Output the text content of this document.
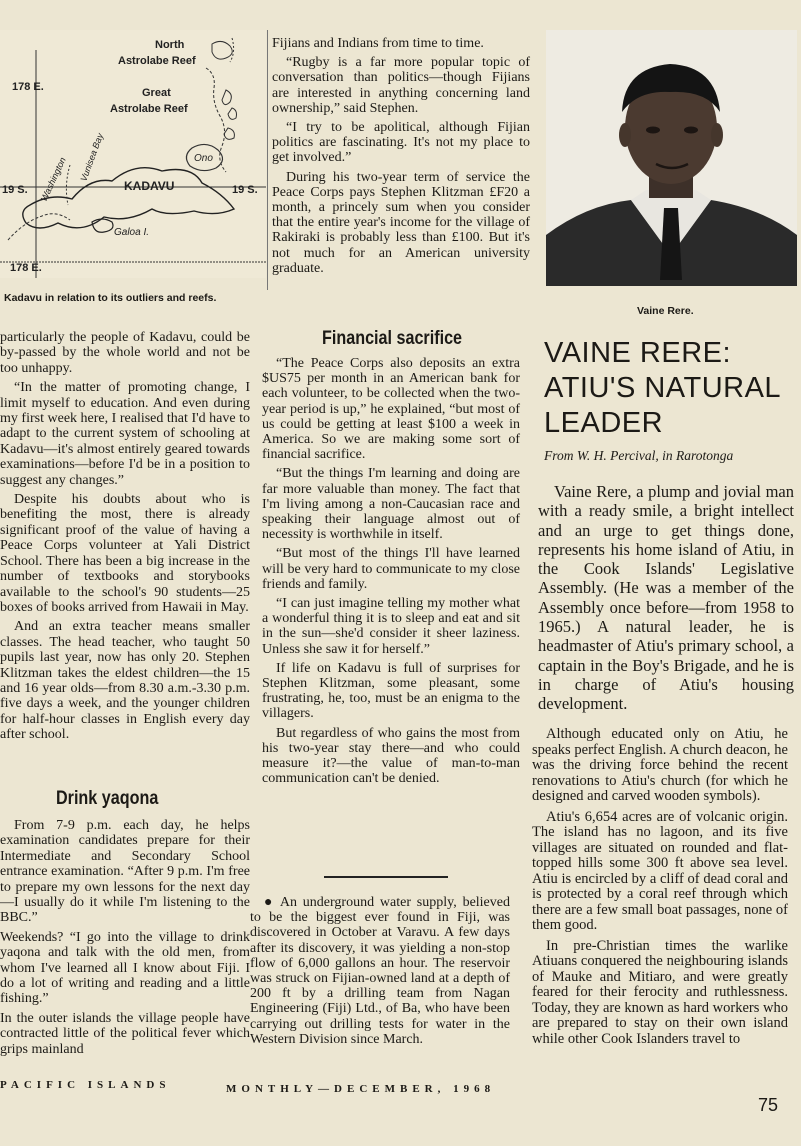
North
Astrolabe Reef
Great
Astrolabe Reef
178 E.
19 S.	19 S.
KADAVU
Ono
Galoa I.
178 E.
Washington Vunisea Bay
Kadavu in relation to its outliers and reefs.
Vaine Rere.

particularly the people of Kadavu, could be by-passed by the whole world and not be too unhappy.

“In the matter of promoting change, I limit myself to education. And even during my first week here, I realised that I'd have to adapt to the current system of schooling at Kadavu—it's almost entirely geared towards examinations—before I'd be in a position to suggest any changes.”

Despite his doubts about who is benefiting the most, there is already significant proof of the value of having a Peace Corps volunteer at Yali District School. There has been a big increase in the number of textbooks and storybooks available to the school's 90 students—25 boxes of books arrived from Hawaii in May.

And an extra teacher means smaller classes. The head teacher, who taught 50 pupils last year, now has only 20. Stephen Klitzman takes the eldest children—the 15 and 16 year olds—from 8.30 a.m.-3.30 p.m. five days a week, and the younger children for half-hour classes in English every day after school.

Drink yaqona

From 7-9 p.m. each day, he helps examination candidates prepare for their Intermediate and Secondary School entrance examination. “After 9 p.m. I'm free to prepare my own lessons for the next day—I usually do it while I'm listening to the BBC.”

Weekends? “I go into the village to drink yaqona and talk with the old men, from whom I've learned all I know about Fiji. I do a lot of writing and reading and a little fishing.”

In the outer islands the village people have contracted little of the political fever which grips mainland

Fijians and Indians from time to time.

“Rugby is a far more popular topic of conversation than politics—though Fijians are interested in anything concerning land ownership,” said Stephen.

“I try to be apolitical, although Fijian politics are fascinating. It's not my place to get involved.”

During his two-year term of service the Peace Corps pays Stephen Klitzman £F20 a month, a princely sum when you consider that the entire year's income for the village of Rakiraki is probably less than £100. But it's not much for an American university graduate.

Financial sacrifice

“The Peace Corps also deposits an extra $US75 per month in an American bank for each volunteer, to be collected when the two-year period is up,” he explained, “but most of us could be getting at least $100 a week in America. So we are making some sort of financial sacrifice.

“But the things I'm learning and doing are far more valuable than money. The fact that I'm living among a non-Caucasian race and speaking their language almost out of necessity is worthwhile in itself.

“But most of the things I'll have learned will be very hard to communicate to my close friends and family.

“I can just imagine telling my mother what a wonderful thing it is to sleep and eat and sit in the sun—she'd consider it sheer laziness. Unless she saw it for herself.”

If life on Kadavu is full of surprises for Stephen Klitzman, some pleasant, some frustrating, he, too, must be an enigma to the villagers.

But regardless of who gains the most from his two-year stay there—and who could measure it?—the value of man-to-man communication can't be denied.

● An underground water supply, believed to be the biggest ever found in Fiji, was discovered in October at Varavu. A few days after its discovery, it was yielding a non-stop flow of 6,000 gallons an hour. The reservoir was struck on Fijian-owned land at a depth of 200 ft by a drilling team from Nagan Engineering (Fiji) Ltd., of Ba, who have been carrying out drilling tests for water in the Western Division since March.

VAINE RERE:
ATIU'S NATURAL
LEADER
From W. H. Percival, in Rarotonga

Vaine Rere, a plump and jovial man with a ready smile, a bright intellect and an urge to get things done, represents his home island of Atiu, in the Cook Islands' Legislative Assembly. (He was a member of the Assembly once before—from 1958 to 1965.) A natural leader, he is headmaster of Atiu's primary school, a captain in the Boy's Brigade, and he is in charge of Atiu's housing development.

Although educated only on Atiu, he speaks perfect English. A church deacon, he was the driving force behind the recent renovations to Atiu's church (for which he designed and carved wooden symbols).

Atiu's 6,654 acres are of volcanic origin. The island has no lagoon, and its five villages are situated on rounded and flat-topped hills some 300 ft above sea level. Atiu is encircled by a cliff of dead coral and is protected by a coral reef through which there are a few small boat passages, none of them good.

In pre-Christian times the warlike Atiuans conquered the neighbouring islands of Mauke and Mitiaro, and were greatly feared for their ferocity and ruthlessness. Today, they are known as hard workers who are prepared to stay on their own island while other Cook Islanders travel to

PACIFIC ISLANDS	MONTHLY—DECEMBER, 1968
75
